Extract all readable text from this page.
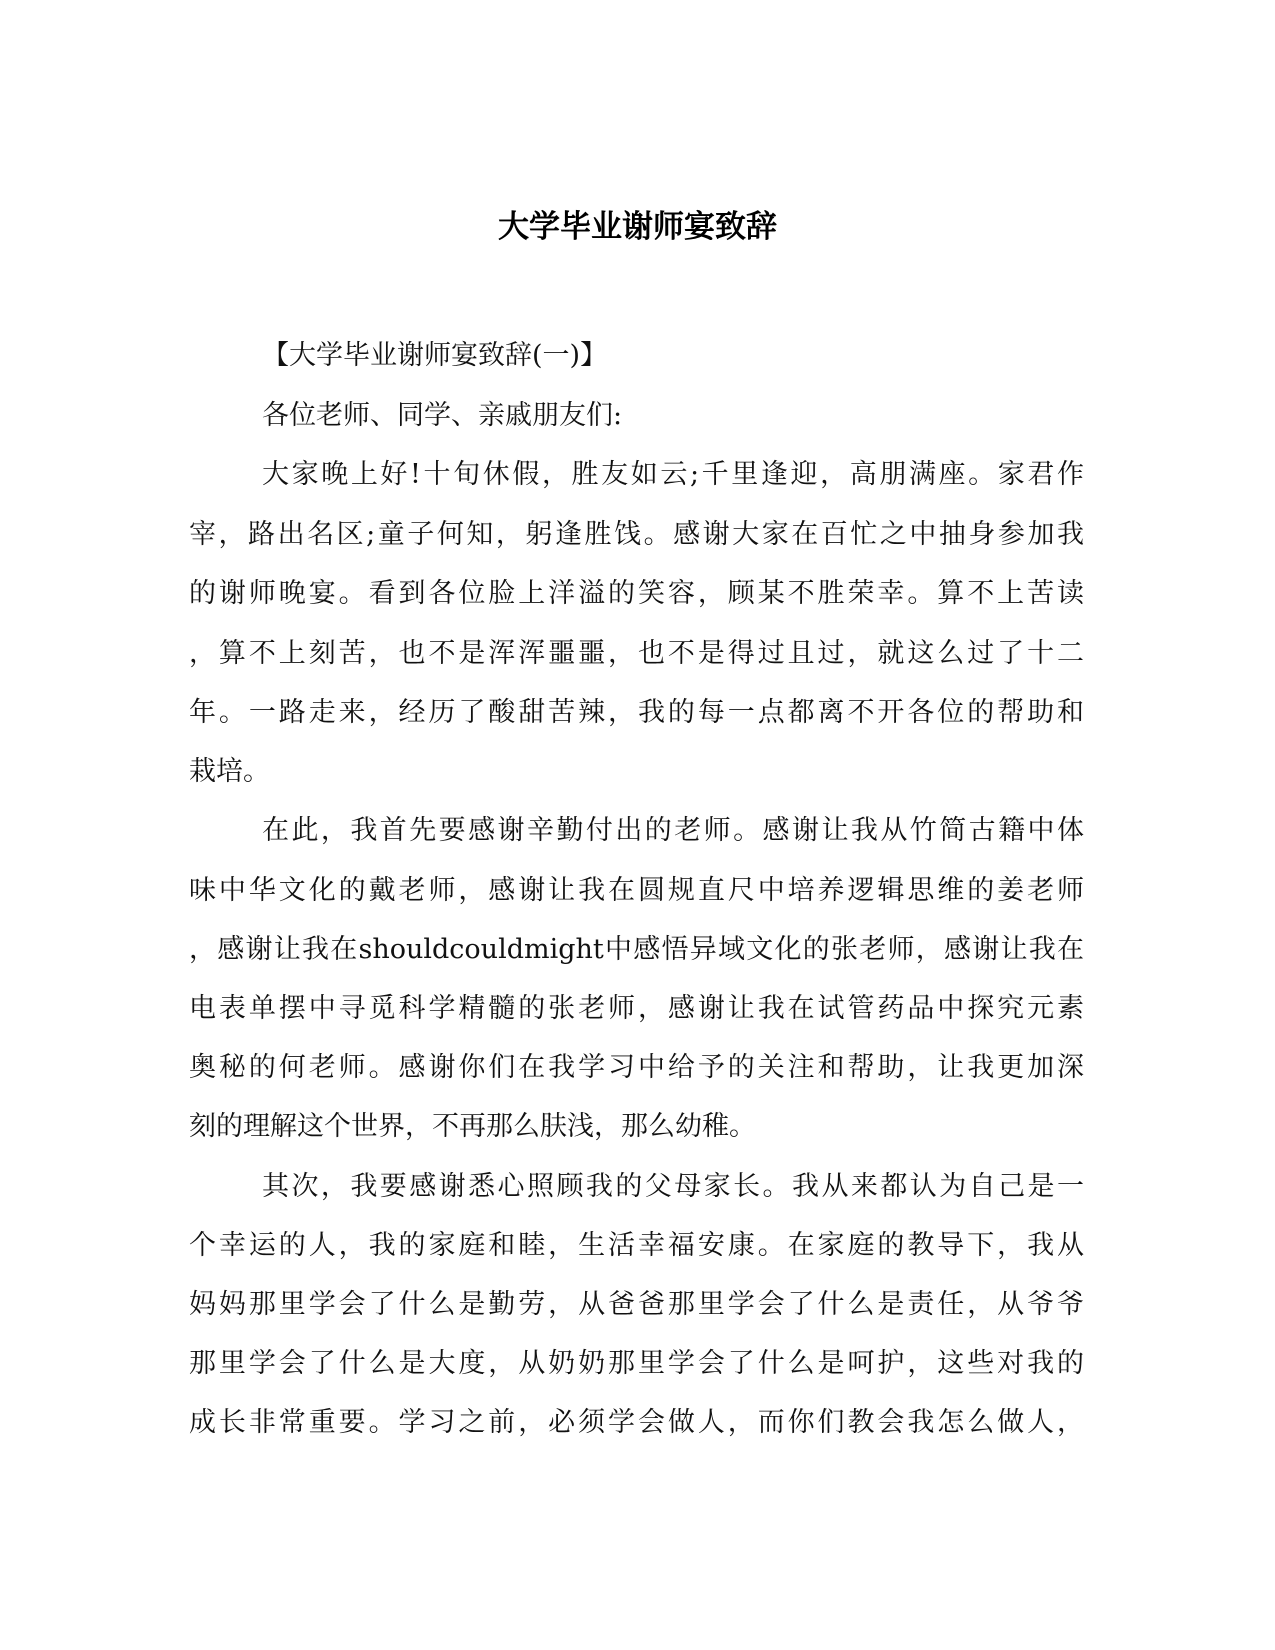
大学毕业谢师宴致辞

【大学毕业谢师宴致辞(一)】

各位老师、同学、亲戚朋友们:

大家晚上好!十旬休假，胜友如云;千里逢迎，高朋满座。家君作

宰，路出名区;童子何知，躬逢胜饯。感谢大家在百忙之中抽身参加我

的谢师晚宴。看到各位脸上洋溢的笑容，顾某不胜荣幸。算不上苦读

，算不上刻苦，也不是浑浑噩噩，也不是得过且过，就这么过了十二

年。一路走来，经历了酸甜苦辣，我的每一点都离不开各位的帮助和

栽培。

在此，我首先要感谢辛勤付出的老师。感谢让我从竹简古籍中体

味中华文化的戴老师，感谢让我在圆规直尺中培养逻辑思维的姜老师

，感谢让我在shouldcouldmight中感悟异域文化的张老师，感谢让我在

电表单摆中寻觅科学精髓的张老师，感谢让我在试管药品中探究元素

奥秘的何老师。感谢你们在我学习中给予的关注和帮助，让我更加深

刻的理解这个世界，不再那么肤浅，那么幼稚。

其次，我要感谢悉心照顾我的父母家长。我从来都认为自己是一

个幸运的人，我的家庭和睦，生活幸福安康。在家庭的教导下，我从

妈妈那里学会了什么是勤劳，从爸爸那里学会了什么是责任，从爷爷

那里学会了什么是大度，从奶奶那里学会了什么是呵护，这些对我的

成长非常重要。学习之前，必须学会做人，而你们教会我怎么做人，
